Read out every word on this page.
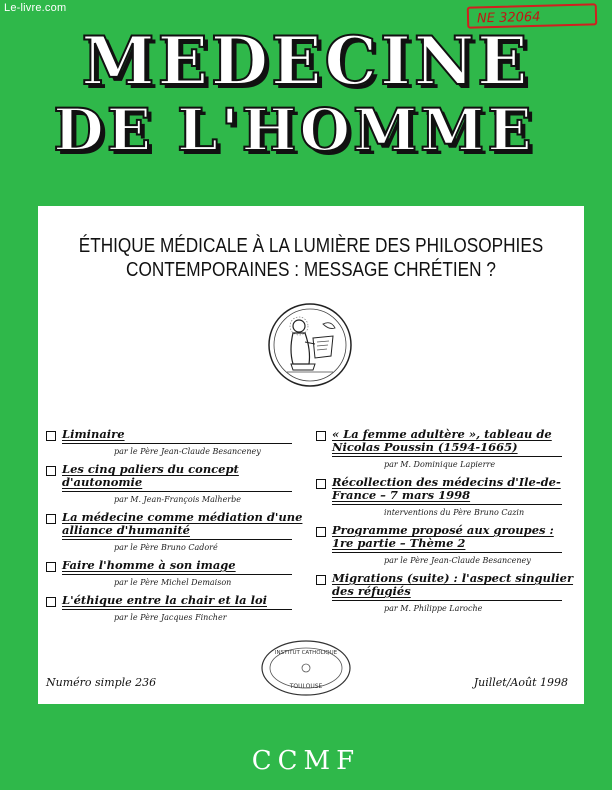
Le-livre.com
NE 32064
MEDECINE
DE L'HOMME
ÉTHIQUE MÉDICALE À LA LUMIÈRE DES PHILOSOPHIES
CONTEMPORAINES : MESSAGE CHRÉTIEN ?
Liminaire
par le Père Jean-Claude Besanceney
Les cinq paliers du concept d'autonomie
par M. Jean-François Malherbe
La médecine comme médiation d'une alliance d'humanité
par le Père Bruno Cadoré
Faire l'homme à son image
par le Père Michel Demaison
L'éthique entre la chair et la loi
par le Père Jacques Fincher
« La femme adultère », tableau de Nicolas Poussin (1594-1665)
par M. Dominique Lapierre
Récollection des médecins d'Ile-de-France – 7 mars 1998
interventions du Père Bruno Cazin
Programme proposé aux groupes : 1re partie – Thème 2
par le Père Jean-Claude Besanceney
Migrations (suite) : l'aspect singulier des réfugiés
par M. Philippe Laroche
INSTITUT CATHOLIQUE
TOULOUSE
Numéro simple 236	Juillet/Août 1998
CCMF
